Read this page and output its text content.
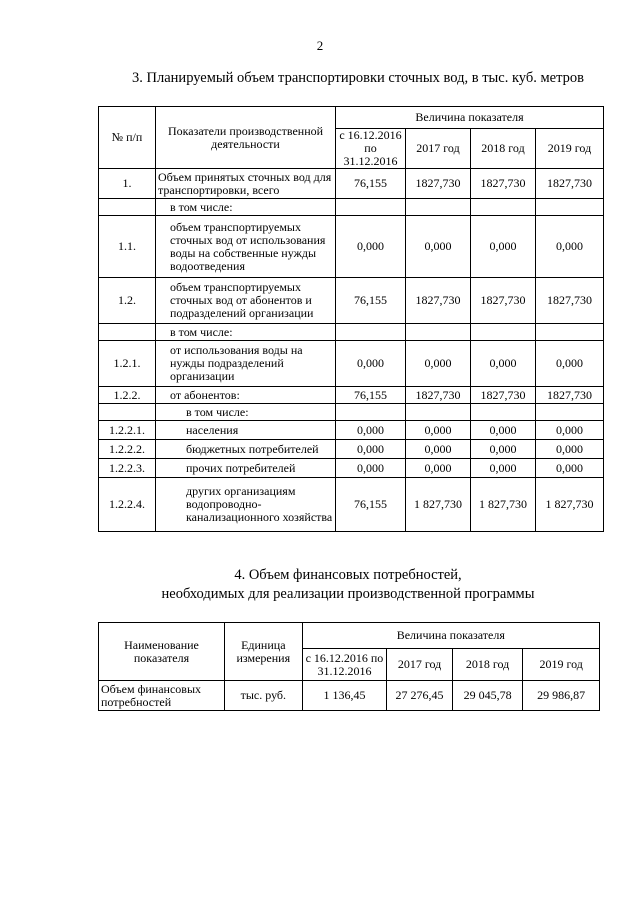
2
3. Планируемый объем транспортировки сточных вод, в тыс. куб. метров
№ п/п	Показатели производственной деятельности	Величина показателя			
		с 16.12.2016 по 31.12.2016	2017 год	2018 год	2019 год
1.	Объем принятых сточных вод для транспортировки, всего	76,155	1827,730	1827,730	1827,730
	в том числе:				
1.1.	объем транспортируемых сточных вод от использования воды на собственные нужды водоотведения	0,000	0,000	0,000	0,000
1.2.	объем транспортируемых сточных вод от абонентов и подразделений организации	76,155	1827,730	1827,730	1827,730
	в том числе:				
1.2.1.	от использования воды на нужды подразделений организации	0,000	0,000	0,000	0,000
1.2.2.	от абонентов:	76,155	1827,730	1827,730	1827,730
	в том числе:				
1.2.2.1.	населения	0,000	0,000	0,000	0,000
1.2.2.2.	бюджетных потребителей	0,000	0,000	0,000	0,000
1.2.2.3.	прочих потребителей	0,000	0,000	0,000	0,000
1.2.2.4.	других организациям водопроводно-канализационного хозяйства	76,155	1 827,730	1 827,730	1 827,730
4. Объем финансовых потребностей,
необходимых для реализации производственной программы
Наименование показателя	Единица измерения	Величина показателя			
		с 16.12.2016 по 31.12.2016	2017 год	2018 год	2019 год
Объем финансовых потребностей	тыс. руб.	1 136,45	27 276,45	29 045,78	29 986,87
